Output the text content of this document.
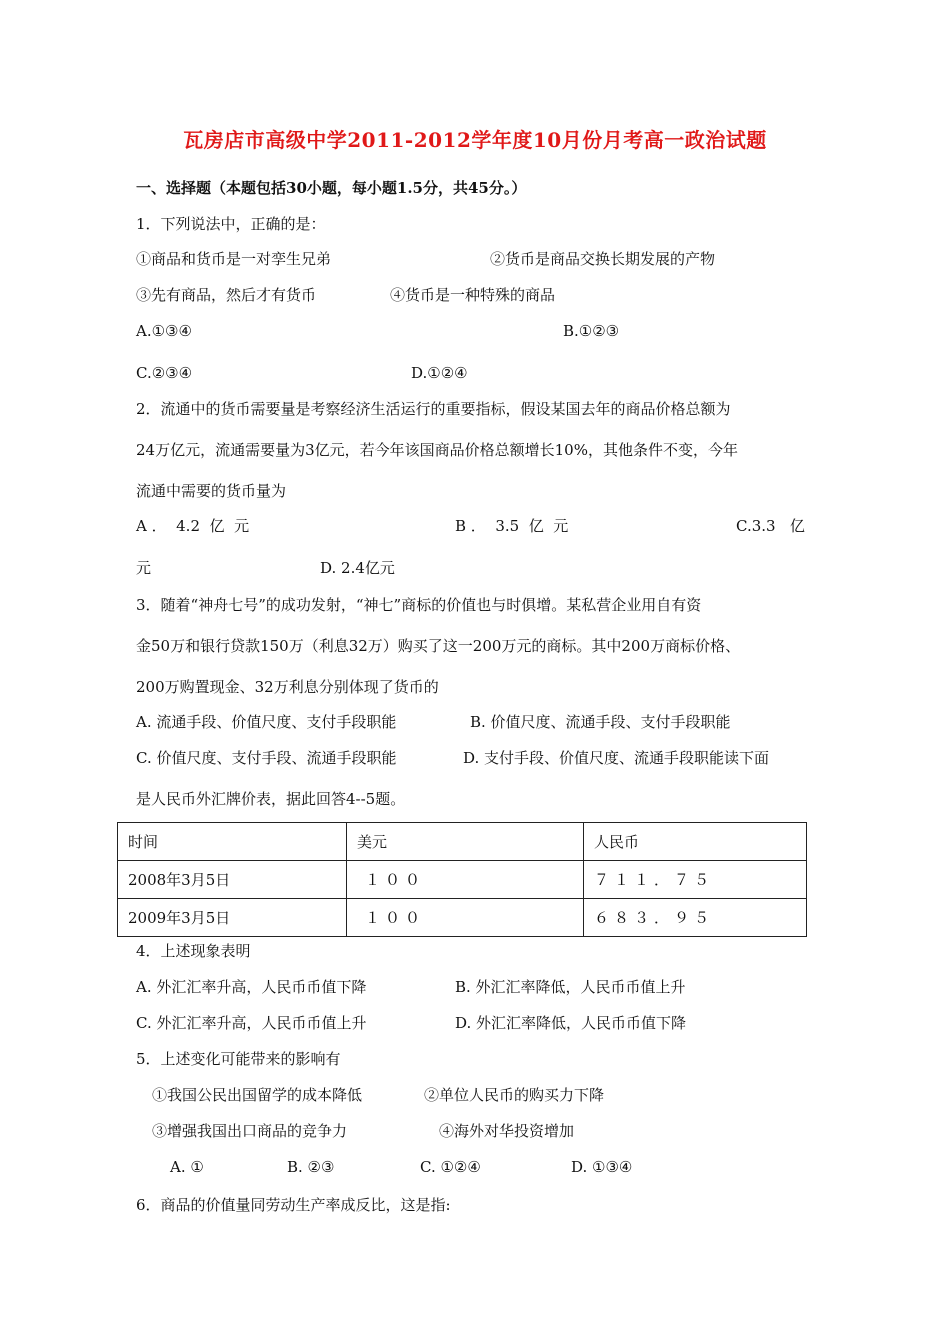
瓦房店市高级中学2011-2012学年度10月份月考高一政治试题
一、选择题（本题包括30小题，每小题1.5分，共45分。）
1．下列说法中，正确的是：
①商品和货币是一对孪生兄弟	②货币是商品交换长期发展的产物
③先有商品，然后才有货币	④货币是一种特殊的商品
A.①③④	B.①②③
C.②③④	D.①②④
2．流通中的货币需要量是考察经济生活运行的重要指标，假设某国去年的商品价格总额为
24万亿元，流通需要量为3亿元，若今年该国商品价格总额增长10%，其他条件不变，今年
流通中需要的货币量为
A ．  4.2  亿  元	B ．  3.5  亿  元	C.3.3   亿
元	D. 2.4亿元
3．随着“神舟七号”的成功发射，“神七”商标的价值也与时俱增。某私营企业用自有资
金50万和银行贷款150万（利息32万）购买了这一200万元的商标。其中200万商标价格、
200万购置现金、32万利息分别体现了货币的
A. 流通手段、价值尺度、支付手段职能	B. 价值尺度、流通手段、支付手段职能
C. 价值尺度、支付手段、流通手段职能	D. 支付手段、价值尺度、流通手段职能读下面
是人民币外汇牌价表，据此回答4--5题。
时间	美元	人民币
2008年3月5日	１００	７１１．７５
2009年3月5日	１００	６８３．９５
4．上述现象表明
A. 外汇汇率升高，人民币币值下降	B. 外汇汇率降低，人民币币值上升
C. 外汇汇率升高，人民币币值上升	D. 外汇汇率降低，人民币币值下降
5．上述变化可能带来的影响有
①我国公民出国留学的成本降低	②单位人民币的购买力下降
③增强我国出口商品的竞争力	④海外对华投资增加
A. ①	B. ②③	C. ①②④	D. ①③④
6．商品的价值量同劳动生产率成反比，这是指:
